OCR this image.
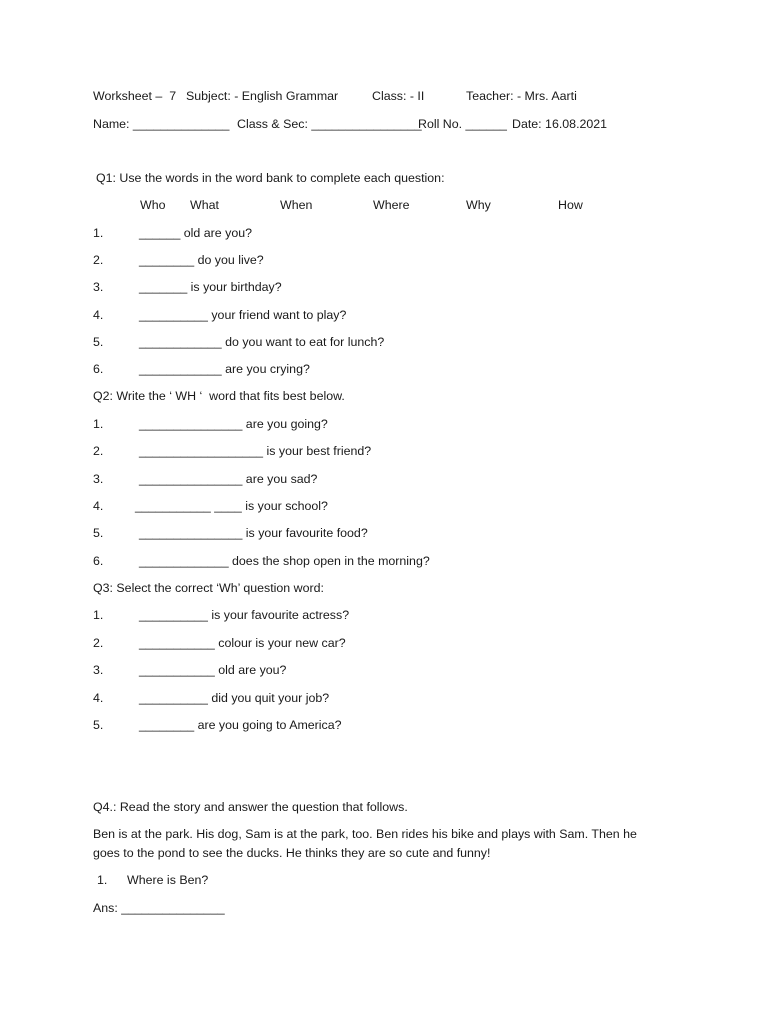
Worksheet –  7 Subject: - English Grammar	Class: - II	Teacher: - Mrs. Aarti
Name: ______________ Class & Sec: ________________
Roll No. ______ Date: 16.08.2021
Q1: Use the words in the word bank to complete each question:
Who What	When	Where	Why	How
1.	______ old are you?
2.	________ do you live?
3.	_______ is your birthday?
4.	__________ your friend want to play?
5.	____________ do you want to eat for lunch?
6.	____________ are you crying?
Q2: Write the ‘ WH ‘  word that fits best below.
1.	_______________ are you going?
2.	__________________ is your best friend?
3.	_______________ are you sad?
4.	___________ ____ is your school?
5.	_______________ is your favourite food?
6.	_____________ does the shop open in the morning?
Q3: Select the correct ‘Wh’ question word:
1.	__________ is your favourite actress?
2.	___________ colour is your new car?
3.	___________ old are you?
4.	__________ did you quit your job?
5.	________ are you going to America?
Q4.: Read the story and answer the question that follows.
Ben is at the park. His dog, Sam is at the park, too. Ben rides his bike and plays with Sam. Then he
goes to the pond to see the ducks. He thinks they are so cute and funny!
1. Where is Ben?
Ans: _______________
